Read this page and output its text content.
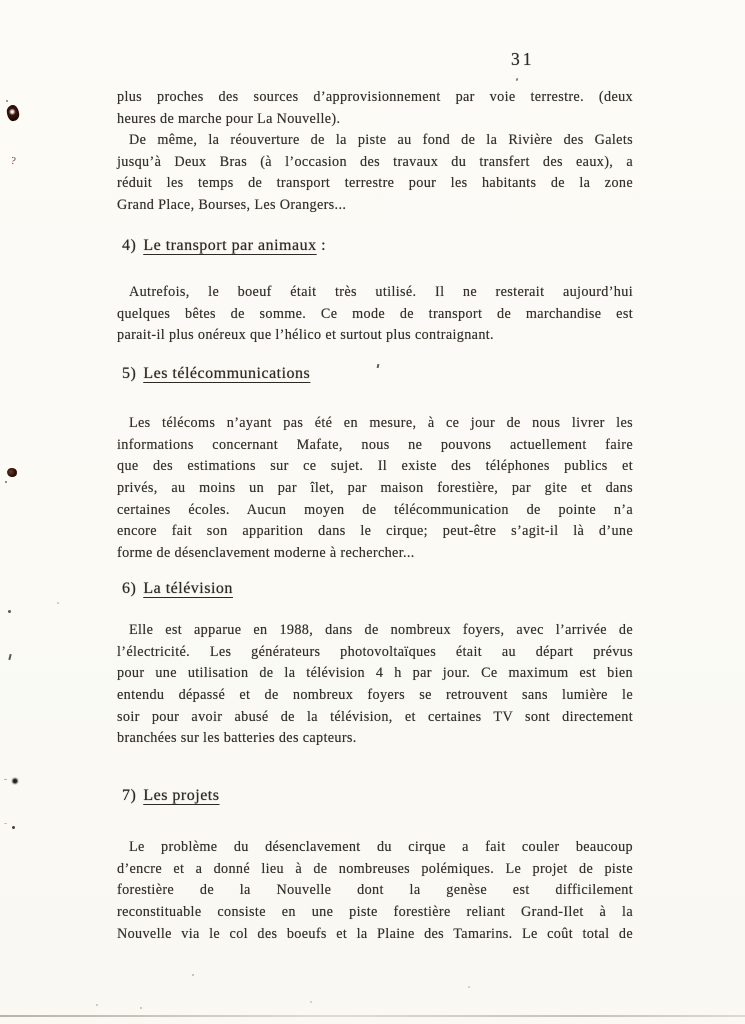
31
plus proches des sources d’approvisionnement par voie terrestre. (deux
heures de marche pour La Nouvelle).
De même, la réouverture de la piste au fond de la Rivière des Galets
jusqu’à Deux Bras (à l’occasion des travaux du transfert des eaux), a
réduit les temps de transport terrestre pour les habitants de la zone
Grand Place, Bourses, Les Orangers...
4) Le transport par animaux :
Autrefois, le boeuf était très utilisé. Il ne resterait aujourd’hui
quelques bêtes de somme. Ce mode de transport de marchandise est
parait-il plus onéreux que l’hélico et surtout plus contraignant.
5) Les télécommunications
Les télécoms n’ayant pas été en mesure, à ce jour de nous livrer les
informations concernant Mafate, nous ne pouvons actuellement faire
que des estimations sur ce sujet. Il existe des téléphones publics et
privés, au moins un par îlet, par maison forestière, par gite et dans
certaines écoles. Aucun moyen de télécommunication de pointe n’a
encore fait son apparition dans le cirque; peut-être s’agit-il là d’une
forme de désenclavement moderne à rechercher...
6) La télévision
Elle est apparue en 1988, dans de nombreux foyers, avec l’arrivée de
l’électricité. Les générateurs photovoltaïques était au départ prévus
pour une utilisation de la télévision 4 h par jour. Ce maximum est bien
entendu dépassé et de nombreux foyers se retrouvent sans lumière le
soir pour avoir abusé de la télévision, et certaines TV sont directement
branchées sur les batteries des capteurs.
7) Les projets
Le problème du désenclavement du cirque a fait couler beaucoup
d’encre et a donné lieu à de nombreuses polémiques. Le projet de piste
forestière de la Nouvelle dont la genèse est difficilement
reconstituable consiste en une piste forestière reliant Grand-Ilet à la
Nouvelle via le col des boeufs et la Plaine des Tamarins. Le coût total de
?
